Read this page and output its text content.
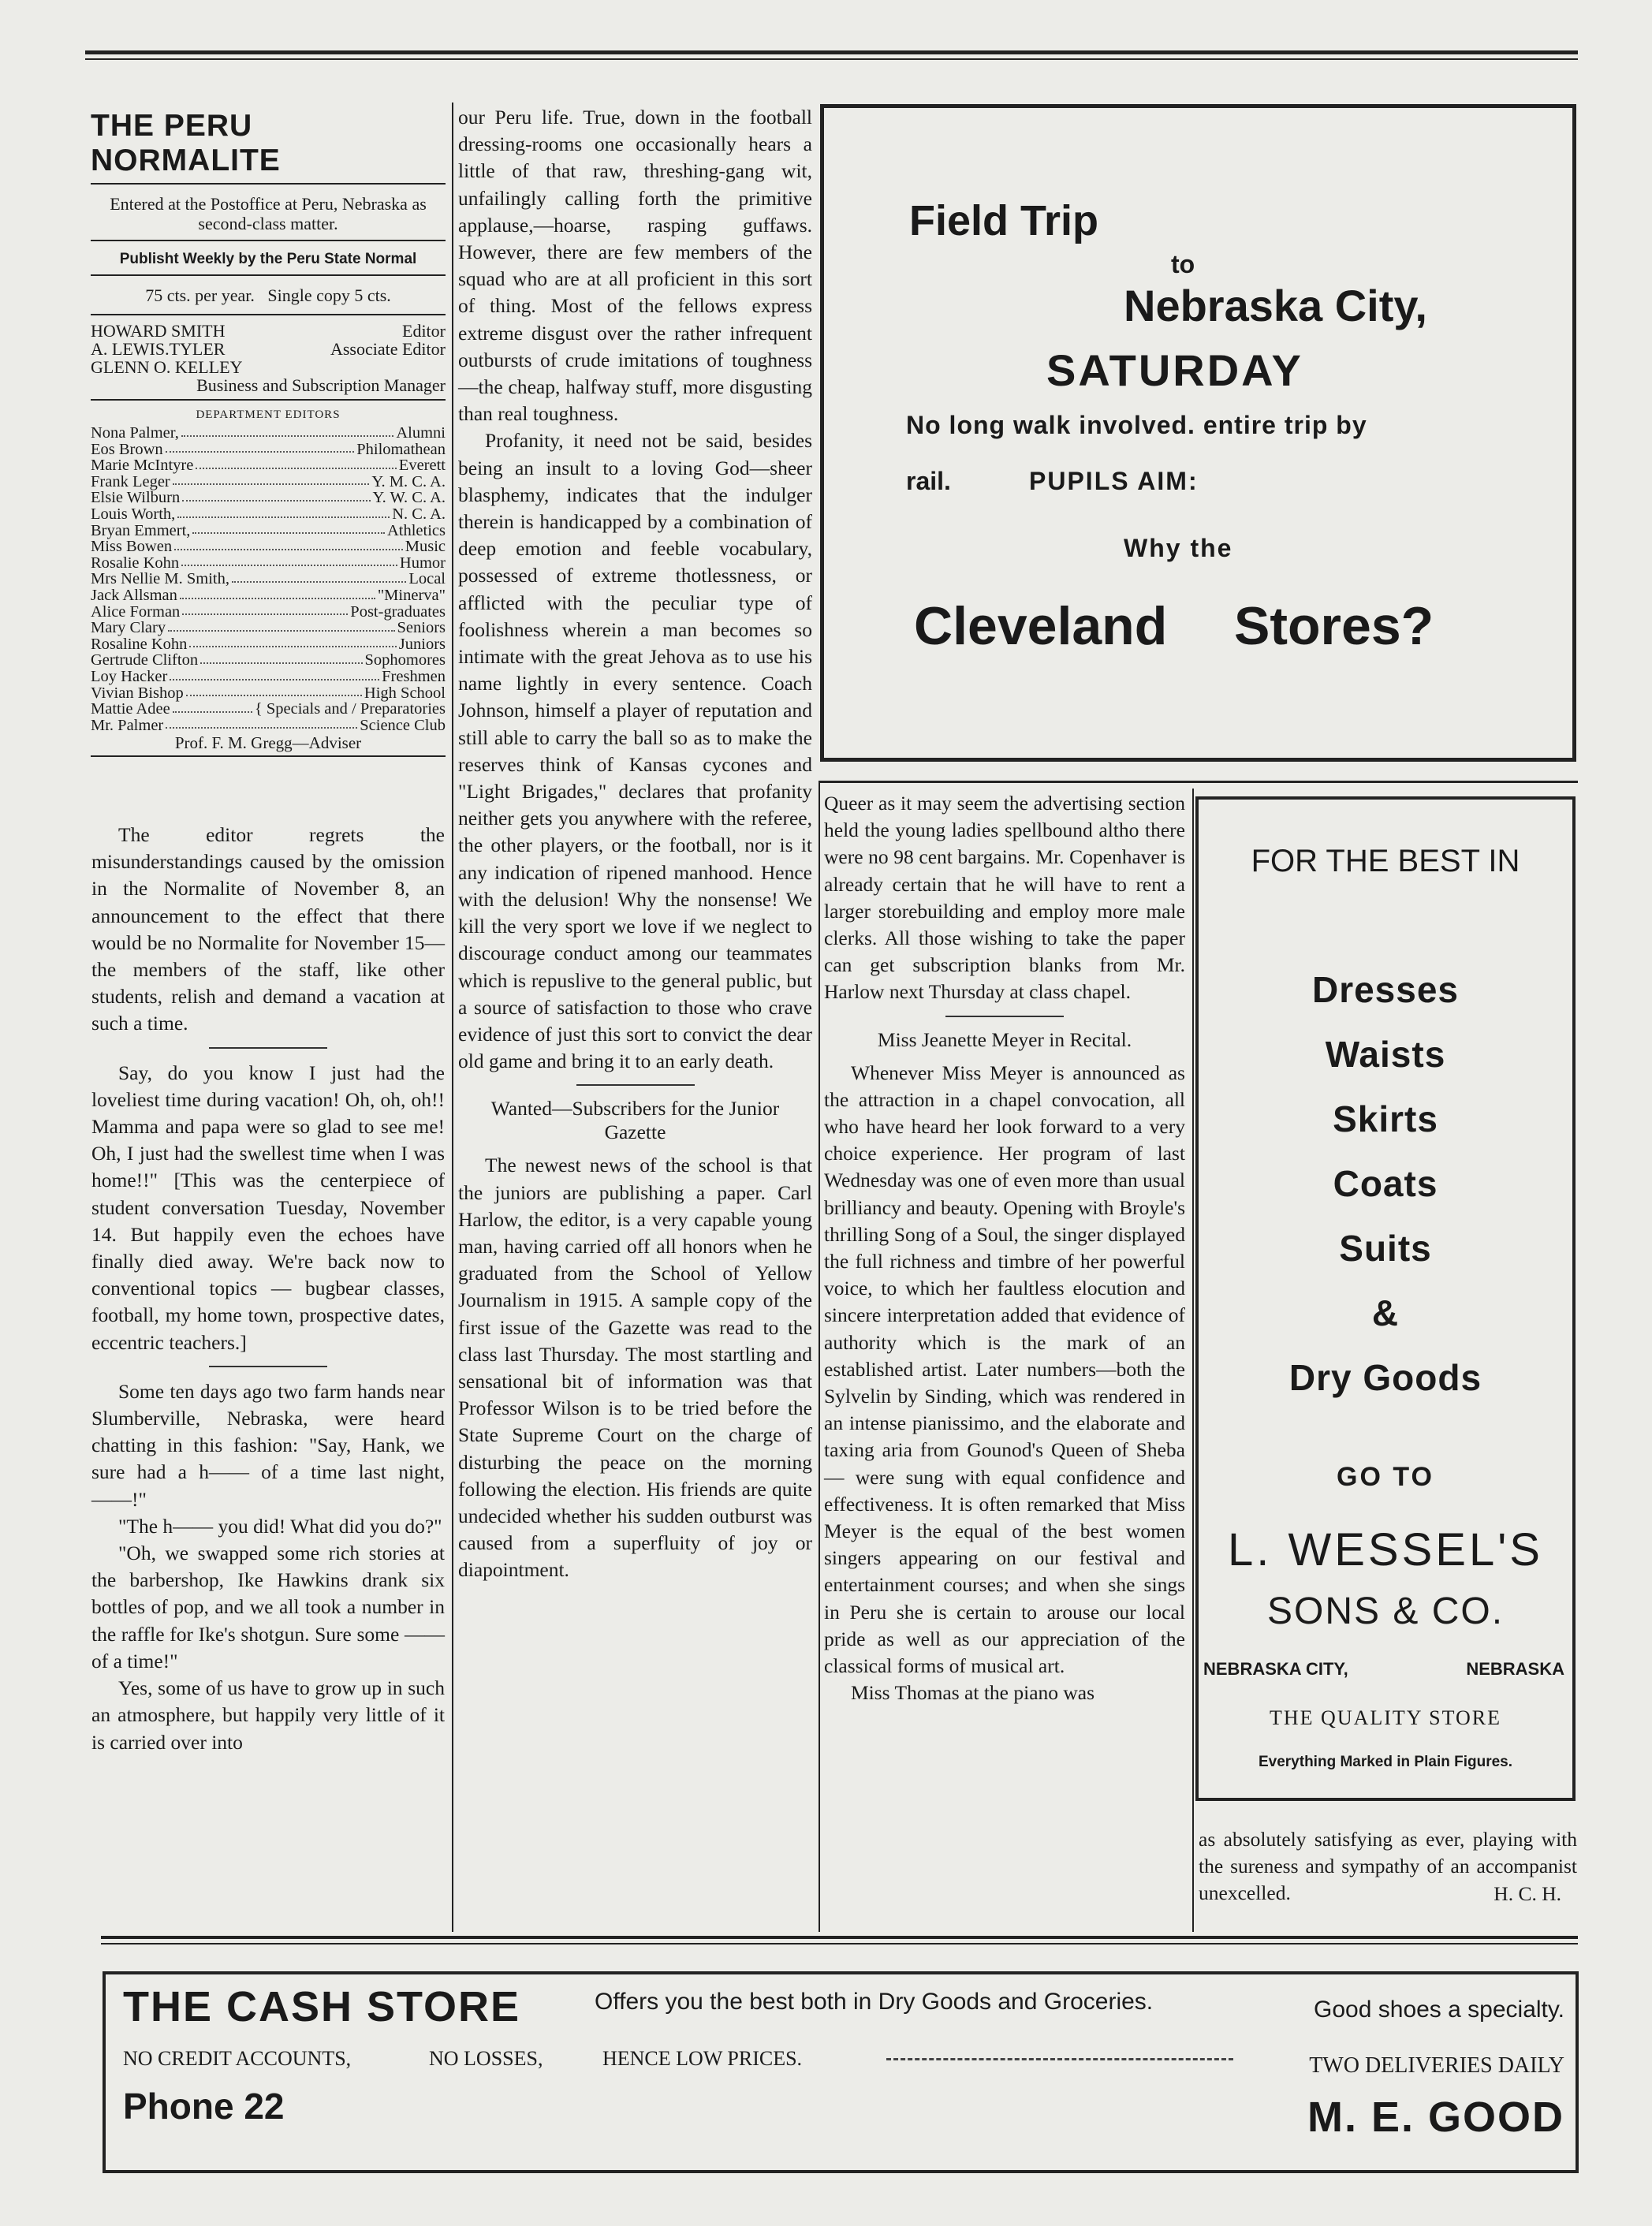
THE PERU NORMALITE
Entered at the Postoffice at Peru, Nebraska as second-class matter.
Publisht Weekly by the Peru State Normal
75 cts. per year.   Single copy 5 cts.
HOWARD SMITH	Editor
A. LEWIS.TYLER	Associate Editor
GLENN O. KELLEY
Business and Subscription Manager
DEPARTMENT EDITORS
Nona Palmer,	Alumni
Eos Brown	Philomathean
Marie McIntyre	Everett
Frank Leger	Y. M. C. A.
Elsie Wilburn	Y. W. C. A.
Louis Worth,	N. C. A.
Bryan Emmert,	Athletics
Miss Bowen	Music
Rosalie Kohn	Humor
Mrs Nellie M. Smith,	Local
Jack Allsman	"Minerva"
Alice Forman	Post-graduates
Mary Clary	Seniors
Rosaline Kohn	Juniors
Gertrude Clifton	Sophomores
Loy Hacker	Freshmen
Vivian Bishop	High School
Mattie Adee	{ Specials and / Preparatories
Mr. Palmer	Science Club
Prof. F. M. Gregg—Adviser

The editor regrets the misunderstandings caused by the omission in the Normalite of November 8, an announcement to the effect that there would be no Normalite for November 15—the members of the staff, like other students, relish and demand a vacation at such a time.

Say, do you know I just had the loveliest time during vacation! Oh, oh, oh!! Mamma and papa were so glad to see me! Oh, I just had the swellest time when I was home!!" [This was the centerpiece of student conversation Tuesday, November 14. But happily even the echoes have finally died away. We're back now to conventional topics — bugbear classes, football, my home town, prospective dates, eccentric teachers.]

Some ten days ago two farm hands near Slumberville, Nebraska, were heard chatting in this fashion: "Say, Hank, we sure had a h—— of a time last night, ——!"

"The h—— you did! What did you do?"

"Oh, we swapped some rich stories at the barbershop, Ike Hawkins drank six bottles of pop, and we all took a number in the raffle for Ike's shotgun. Sure some —— of a time!"

Yes, some of us have to grow up in such an atmosphere, but happily very little of it is carried over into

our Peru life. True, down in the football dressing-rooms one occasionally hears a little of that raw, threshing-gang wit, unfailingly calling forth the primitive applause,—hoarse, rasping guffaws. However, there are few members of the squad who are at all proficient in this sort of thing. Most of the fellows express extreme disgust over the rather infrequent outbursts of crude imitations of toughness—the cheap, halfway stuff, more disgusting than real toughness.

Profanity, it need not be said, besides being an insult to a loving God—sheer blasphemy, indicates that the indulger therein is handicapped by a combination of deep emotion and feeble vocabulary, possessed of extreme thotlessness, or afflicted with the peculiar type of foolishness wherein a man becomes so intimate with the great Jehova as to use his name lightly in every sentence. Coach Johnson, himself a player of reputation and still able to carry the ball so as to make the reserves think of Kansas cycones and "Light Brigades," declares that profanity neither gets you anywhere with the referee, the other players, or the football, nor is it any indication of ripened manhood. Hence with the delusion! Why the nonsense! We kill the very sport we love if we neglect to discourage conduct among our teammates which is repuslive to the general public, but a source of satisfaction to those who crave evidence of just this sort to convict the dear old game and bring it to an early death.

Wanted—Subscribers for the Junior Gazette

The newest news of the school is that the juniors are publishing a paper. Carl Harlow, the editor, is a very capable young man, having carried off all honors when he graduated from the School of Yellow Journalism in 1915. A sample copy of the first issue of the Gazette was read to the class last Thursday. The most startling and sensational bit of information was that Professor Wilson is to be tried before the State Supreme Court on the charge of disturbing the peace on the morning following the election. His friends are quite undecided whether his sudden outburst was caused from a superfluity of joy or diapointment.

Field Trip
to
Nebraska City,
SATURDAY
No long walk involved. entire trip by
rail.	PUPILS AIM:
Why the
Cleveland Stores?

Queer as it may seem the advertising section held the young ladies spellbound altho there were no 98 cent bargains. Mr. Copenhaver is already certain that he will have to rent a larger storebuilding and employ more male clerks. All those wishing to take the paper can get subscription blanks from Mr. Harlow next Thursday at class chapel.

Miss Jeanette Meyer in Recital.

Whenever Miss Meyer is announced as the attraction in a chapel convocation, all who have heard her look forward to a very choice experience. Her program of last Wednesday was one of even more than usual brilliancy and beauty. Opening with Broyle's thrilling Song of a Soul, the singer displayed the full richness and timbre of her powerful voice, to which her faultless elocution and sincere interpretation added that evidence of authority which is the mark of an established artist. Later numbers—both the Sylvelin by Sinding, which was rendered in an intense pianissimo, and the elaborate and taxing aria from Gounod's Queen of Sheba — were sung with equal confidence and effectiveness. It is often remarked that Miss Meyer is the equal of the best women singers appearing on our festival and entertainment courses; and when she sings in Peru she is certain to arouse our local pride as well as our appreciation of the classical forms of musical art.

Miss Thomas at the piano was

FOR THE BEST IN
Dresses
Waists
Skirts
Coats
Suits
&
Dry Goods
GO TO
L. WESSEL'S
SONS & CO.
NEBRASKA CITY,	NEBRASKA
THE QUALITY STORE
Everything Marked in Plain Figures.

as absolutely satisfying as ever, playing with the sureness and sympathy of an accompanist unexcelled.	H. C. H.
THE CASH STORE	Offers you the best both in Dry Goods and Groceries.	Good shoes a specialty.
NO CREDIT ACCOUNTS,	NO LOSSES,	HENCE LOW PRICES.	TWO DELIVERIES DAILY
Phone 22	M. E. GOOD
